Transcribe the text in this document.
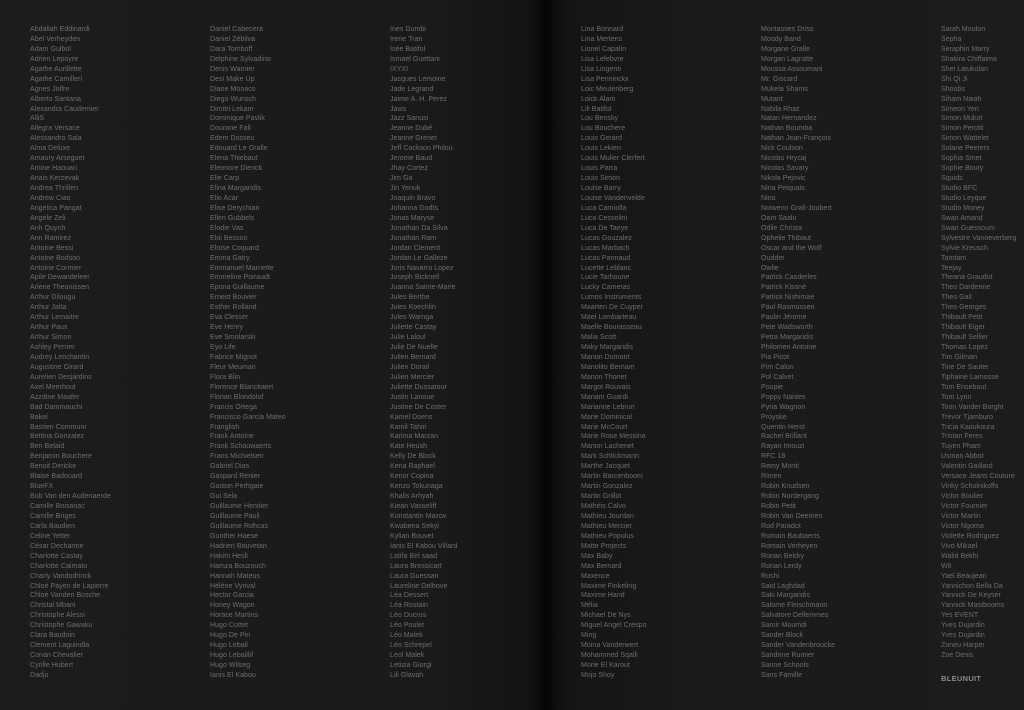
Abdallah Eddinardi
Abel Verheyden
Adam Gulbol
Adrien Lepoyre
Agathe Aurillette
Agathe Camilleri
Agnes Jolfre
Alberto Santana
Alexandra Caudemier
AlliS
Allegra Versace
Alessandro Sala
Alma Deluxe
Amaury Arseguet
Amine Haouari
Anais Kerzevak
Andrea Thrillen
Andrew Ciao
Angelica Pangat
Angele Zeli
Anh Quynh
Ann Ramirez
Antoine Bessi
Antoine Bodson
Antoine Cormier
Apile Dewandeleer
Arlene Theunissen
Arthur Dilougu
Arthur Jalta
Arthur Lemaitre
Arthur Paux
Arthur Simon
Ashley Perrier
Audrey Lenchantin
Augustine Girard
Aurelien Desjardins
Axel Meerhout
Azzdine Maafer
Bad Dammauchi
Bakel
Bastien Communi
Bettina Gonzalez
Ben Belaid
Benjamin Bouchere
Benoit Dericke
Blaise Badouard
BlueFX
Bob Van den Audenaerde
Camille Boisanac
Camille Briges
Carla Baudien
Celine Yetter
César Decharme
Charlotte Castay
Charlotte Caimato
Charly Vandodrinck
Chloé Payen de Lapierre
Chloé Vanden Bosche
Christal Mbani
Christophe Alessi
Christophe Gawaku
Clara Baudoin
Clement Laguindla
Conan Chevalier
Cyrille Hubert
Dadju
Daniel Cabecera
Daniel Zébilva
Dara Tomboff
Delphine Sylvadino
Denis Warnier
Desi Make Up
Diane Monaco
Diego Wunsch
Dimitri Lekam
Dominique Pavlik
Dourane Fall
Edem Dosseu
Edouard Le Gralle
Elena Thiebaut
Eleonore Dierick
Elie Carp
Elina Margaridis
Elio Acar
Elise Derychian
Ellen Gubbels
Elodie Vas
Eloi Besson
Eloïse Coquard
Emma Gatry
Emmanuel Marnette
Emmeline Poiraudt
Epona Guillaume
Ernest Bouvier
Esther Rolland
Eva Clesser
Eve Henry
Eve Smolarski
Eyo Life
Fabrice Mignot
Fleur Meuman
Flora Blin
Florence Blanckaert
Florian Blondolof
Francis Ortega
Francisco García Mateo
Franglish
Frank Antoine
Frank Schouwaerts
Frans Michielsen
Gabriel Dias
Gaspard Renier
Gaston Perhgaie
Gui Sela
Guillaume Henitier
Guillaume Pauli
Guillaume Rohcas
Gunther Haese
Hadrien Bouvetan
Hakim Hesli
Hamza Bouzouch
Hannah Mateus
Hélène Vyrival
Hector Garcia
Honey Wagon
Horace Martins
Hugo Cottet
Hugo De Pin
Hugo Lebail
Hugo Lebaillif
Hugo Wilseg
Ianis El Kabou
Ines Dumbi
Irene Tran
Isée Batifol
Ismael Guettani
IXYXI
Jacques Lemoine
Jade Legrand
Jaime A. H. Perez
Jaws
Jazz Sanusi
Jeanne Dubé
Jeanne Grenet
Jeff Cockson Philou
Jerome Baud
Jhay Cortez
Jim Ga
Jin Yenuk
Joaquin Bravo
Johanna Godts
Jonas Maryse
Jonathan Da Silva
Jonathan Ram
Jordan Clement
Jordan Le Galleze
Joris Navarro Lopez
Joseph Bicknell
Juanna Sainte-Marie
Jules Berthe
Jules Koechlin
Jules Warnga
Juliette Castay
Julie Laloul
Julie De Nuelle
Julien Bernard
Julien Dorail
Julien Mercier
Juliette Dussatour
Justin Lanoue
Justine De Coster
Kamel Doens
Kamil Tahiri
Karima Marzan
Kate Heush
Kelly De Block
Kena Raphael
Kenor Copina
Kenzo Tokunaga
Khalis Arhyah
Kiean Vasseliff
Konstantin Mazov
Kwabena Sekyi
Kylian Bouvet
Ianis El Kabou Villard
Latifa Bel saad
Laura Bressicart
Laura Guessan
Laureline Delhove
Léa Dessert
Léa Rostain
Léo Ducros
Léo Poulet
Léo Malek
Léo Schrepel
Leol Malek
Letizia Giorgi
Lili Glavah
Lina Bonnard
Lina Mertens
Lionel Capalin
Lisa Lefebvre
Lisa Lingenti
Lisa Penninckx
Loic Meulenberg
Loick Alam
Lili Batifol
Lou Bensky
Lou Bouchere
Louis Gerard
Louis Lekien
Louis Mulier Clerfert
Louis Parra
Louis Simon
Louise Barry
Louise Vandenvelde
Luca Carniolla
Luca Cessolini
Luca De Taeye
Lucas Gouzalez
Lucas Marbach
Lucas Pannaud
Lucette Leblanc
Lucie Tarhoune
Lucky Cameras
Lumos Instruments
Maarten De Cuyper
Mael Lombarteau
Maelle Bourasseau
Malia Scott
Maky Margaridis
Manon Dumont
Manolito Bernam
Manon Thonet
Margot Rouvais
Mariam Guardi
Marianne Lebrun
Marie Dominical
Marie McCourt
Marie Rose Messina
Marion Lachenet
Mark Schlickmann
Marthe Jacquet
Martin Barcenboom
Martin Gonzalez
Martin Grillot
Mathéis Calvo
Mathieu Jourdan
Mathieu Mercier
Mathieu Populus
Matte Projects
Max Baby
Max Bernard
Maxence
Maxime Finkeling
Maxime Hand
Mélia
Michael De Nys
Miguel Angel Crespo
Ming
Moina Vanderwert
Mohammed Sqalli
Morie El Karout
Mojo Shoy
Montasses Driss
Moody Band
Morgane Gralle
Morgan Lagrotte
Moussa Assoumani
Mr. Giscard
Mukela Shams
Mutant
Nabila Rhaz
Natan Hernandez
Nathan Boumba
Nathan Jean-François
Nick Coulson
Nicolas Hrycaj
Nicolas Savary
Nikola Pejovic
Nina Peiquais
Nino
Noiwenn Grall-Joubert
Oam Saalu
Odile Christa
Ophelie Thibaut
Oscar and the Wolf
Oudder
Owlie
Patrick Casderles
Patrick Kissné
Patrick Nishimae
Paul Rasmussen
Paulin Jérome
Pete Wadsworth
Petra Margaridis
Philomen Antoine
Pia Picot
Pim Calon
Pol Calvet
Poupie
Poppy Nantes
Pyria Wagnon
Proyske
Quentin Herol
Rachel Brillant
Rayan Imouzi
RFC 18
Remy Monti
Rimen
Robin Knudsen
Robin Nordergang
Robin Petit
Robin Van Deemen
Rod Paradot
Romain Baubaerts
Romain Verheyen
Ronan Beldry
Ronan Lerdy
Roshi
Said Laghdad
Saki Margaridis
Salome Fleischmann
Salvatore Dellemmes
Samir Moumdi
Sander Block
Sander Vandenbroucke
Sandrine Rumier
Sanne Schools
Sans Famille
Sarah Moulon
Sepha
Seraphin Marry
Shakira Chiffaima
Shei Latukolan
Shi Qi Ji
Shoobs
Siham Naiah
Simeon Yen
Simon Mukot
Simon Perotti
Simon Wattelet
Solane Peeters
Sophia Smet
Sophie Bouty
Squids
Studio BFC
Studio Leyque
Studio Money
Swan Amand
Swan Guessoum
Sylvestre Vanoeverberg
Sylvie Kreusch
Tamtam
Teejay
Theana Graudot
Theo Dardenne
Theo Gali
Theo Georges
Thibault Petit
Thibault Eiger
Thibault Sellier
Thomas Lopez
Tim Gilman
Tine De Sauter
Tiphaine Lamosse
Tom Ensebout
Tom Lyon
Toon Vander Borght
Trevor Tjamburo
Tricia Kaoukoura
Tristan Feres
Tuyen Pham
Usman Abbot
Valentin Gaillard
Versace Jeans Couture
Vinky Scholnikoffs
Victor Boulier
Victor Fournier
Victor Martin
Victor Ngoma
Violette Rodriguez
Vivo Mikael
Walid Bekhi
Wit
Yael Beaujean
Yannichon Bella Da
Yannick De Keyser
Yannick Mastbooms
Yes EVENT
Yves Dujardin
Yves Dujardin
Zoneu Harper
Zoe Denis
BLEUNUIT
